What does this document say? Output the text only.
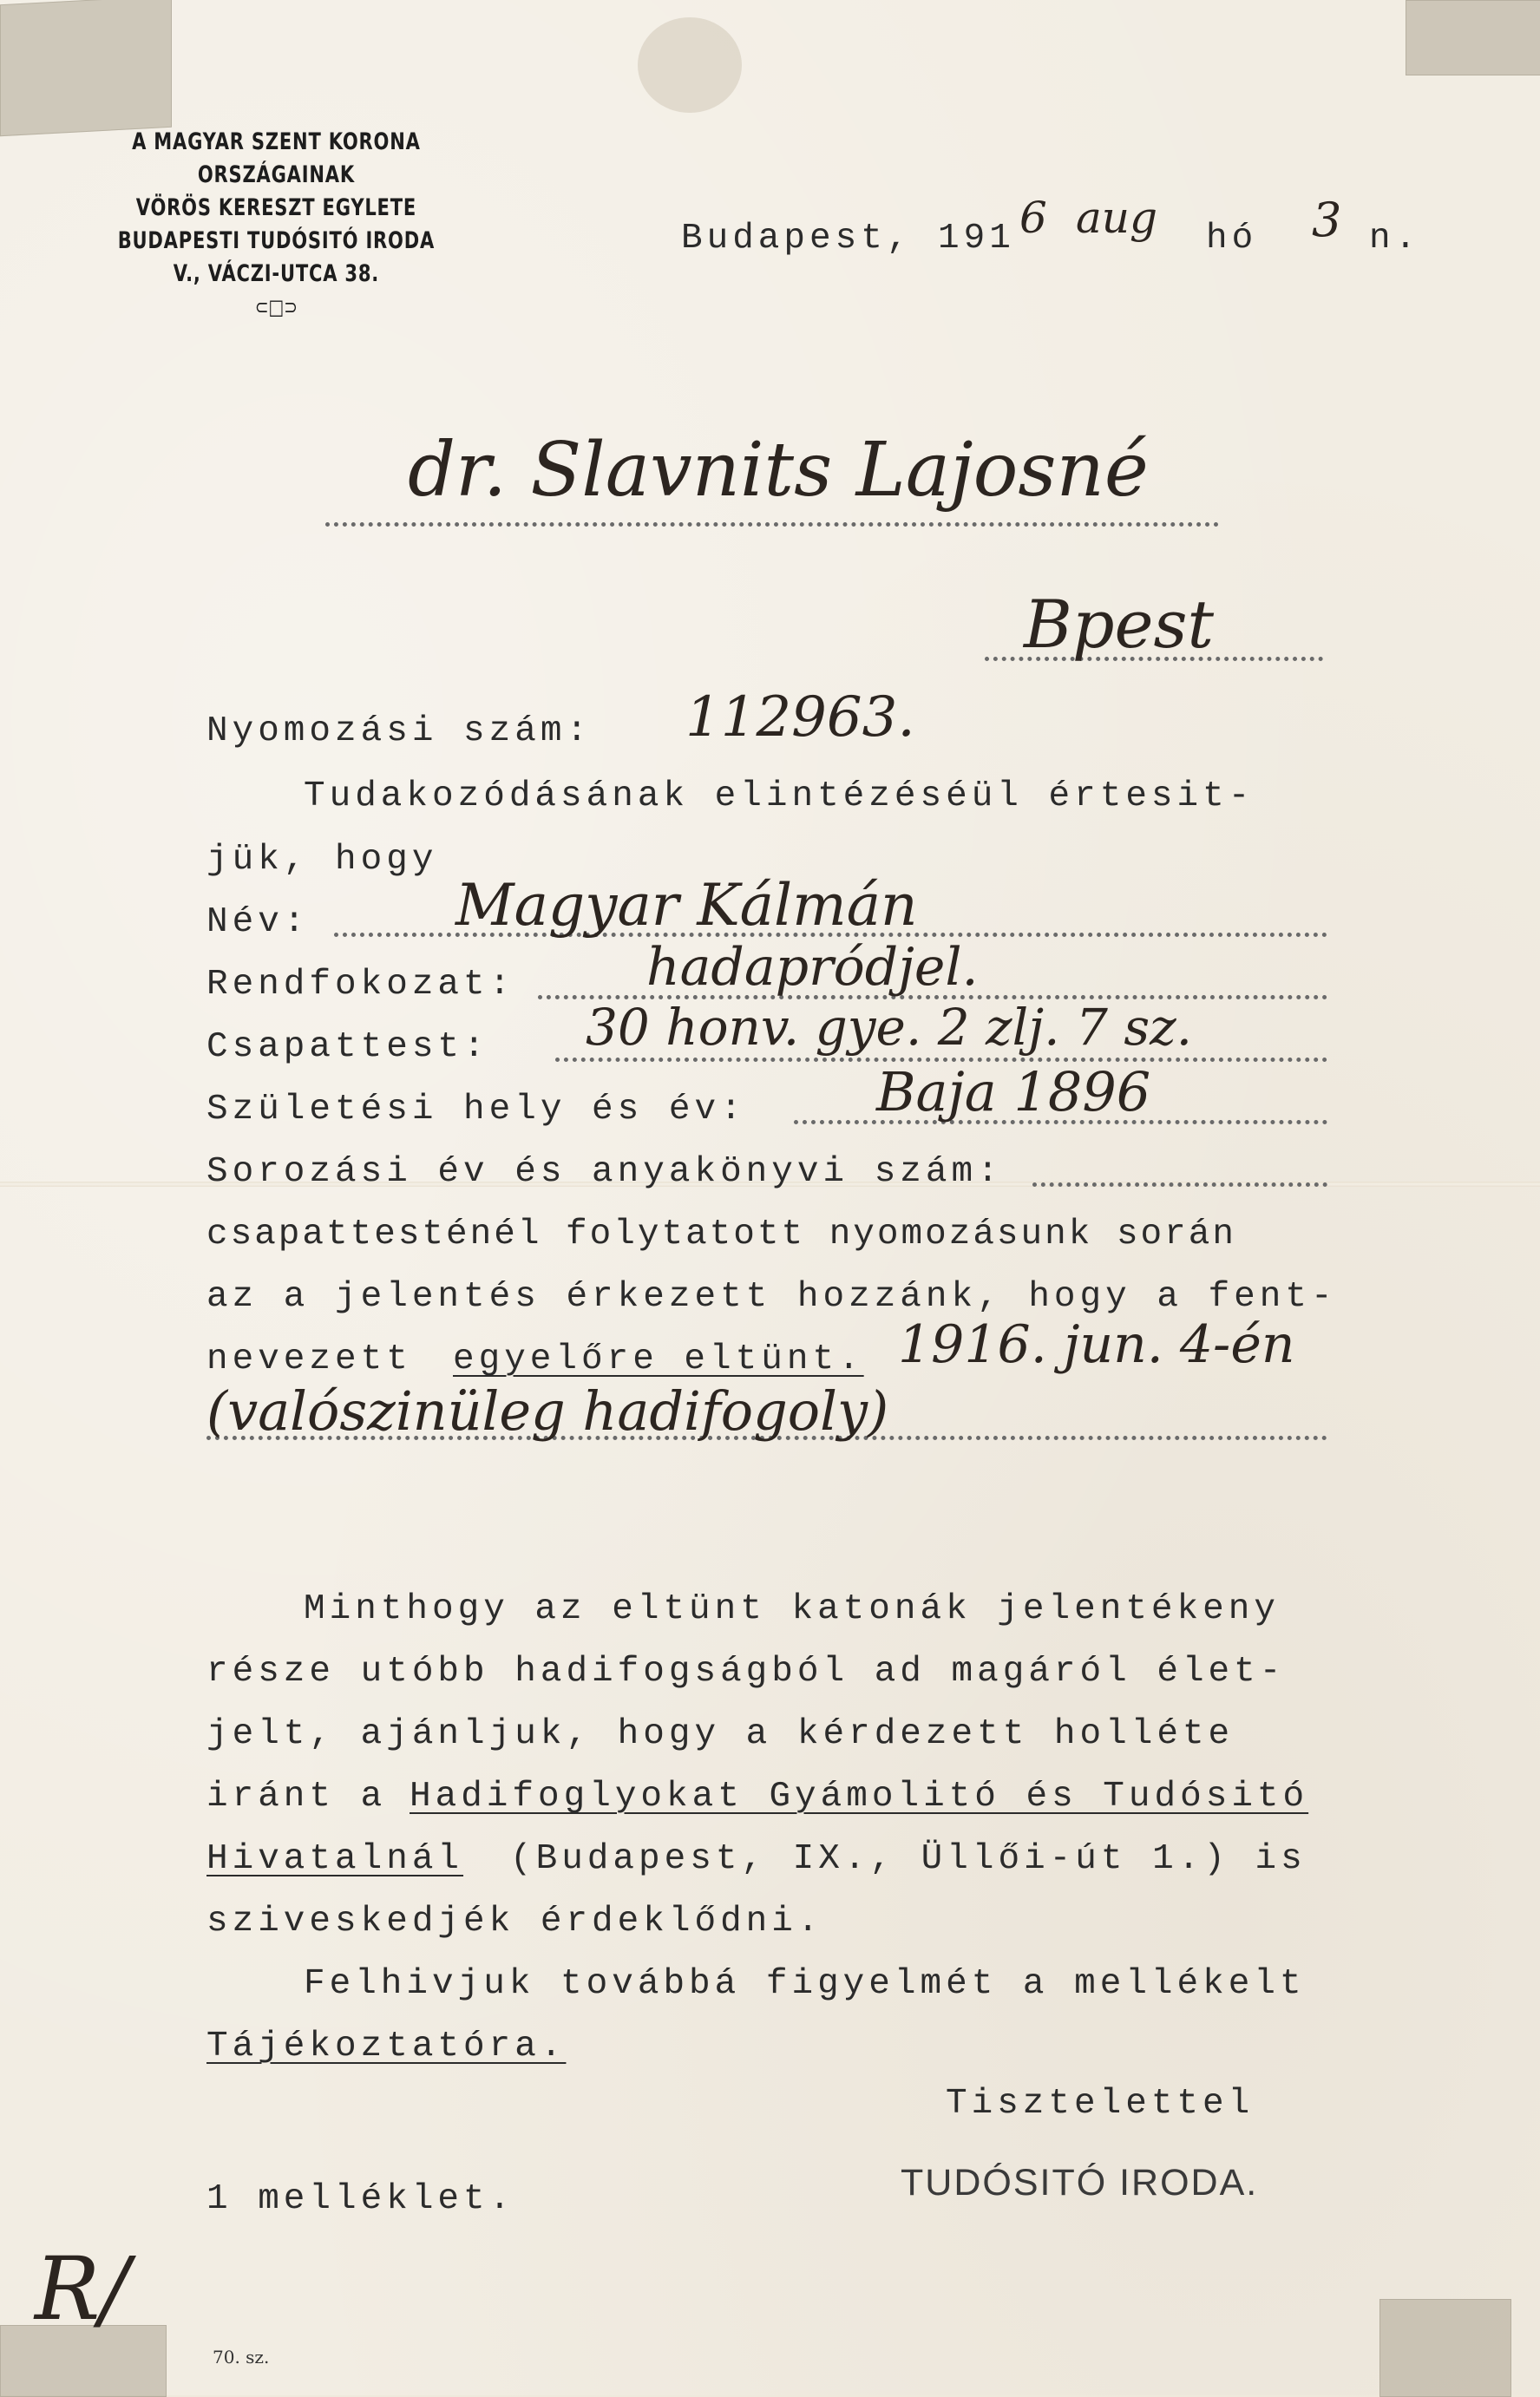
A MAGYAR SZENT KORONA ORSZÁGAINAK
VÖRÖS KERESZT EGYLETE
BUDAPESTI TUDÓSITÓ IRODA
V., VÁCZI-UTCA 38.
⊂□⊃
Budapest, 191 6 aug hó 3 n.
dr. Slavnits Lajosné
Bpest
Nyomozási szám: 112963.
Tudakozódásának elintézéséül értesit-
jük, hogy
Név:	Magyar Kálmán
Rendfokozat:	hadapródjel.
Csapattest: 30 honv. gye. 2 zlj. 7 sz.
Születési hely és év: Baja 1896
Sorozási év és anyakönyvi szám:
csapattesténél folytatott nyomozásunk során
az a jelentés érkezett hozzánk, hogy a fent-
nevezett egyelőre eltünt. 1916. jun. 4-én
(valószinüleg hadifogoly)
Minthogy az eltünt katonák jelentékeny
része utóbb hadifogságból ad magáról élet-
jelt, ajánljuk, hogy a kérdezett holléte
iránt a Hadifoglyokat Gyámolitó és Tudósitó
Hivatalnál (Budapest, IX., Üllői-út 1.) is
sziveskedjék érdeklődni.
Felhivjuk továbbá figyelmét a mellékelt
Tájékoztatóra.
Tisztelettel
TUDÓSITÓ IRODA.
1 melléklet.
R/
70. sz.
